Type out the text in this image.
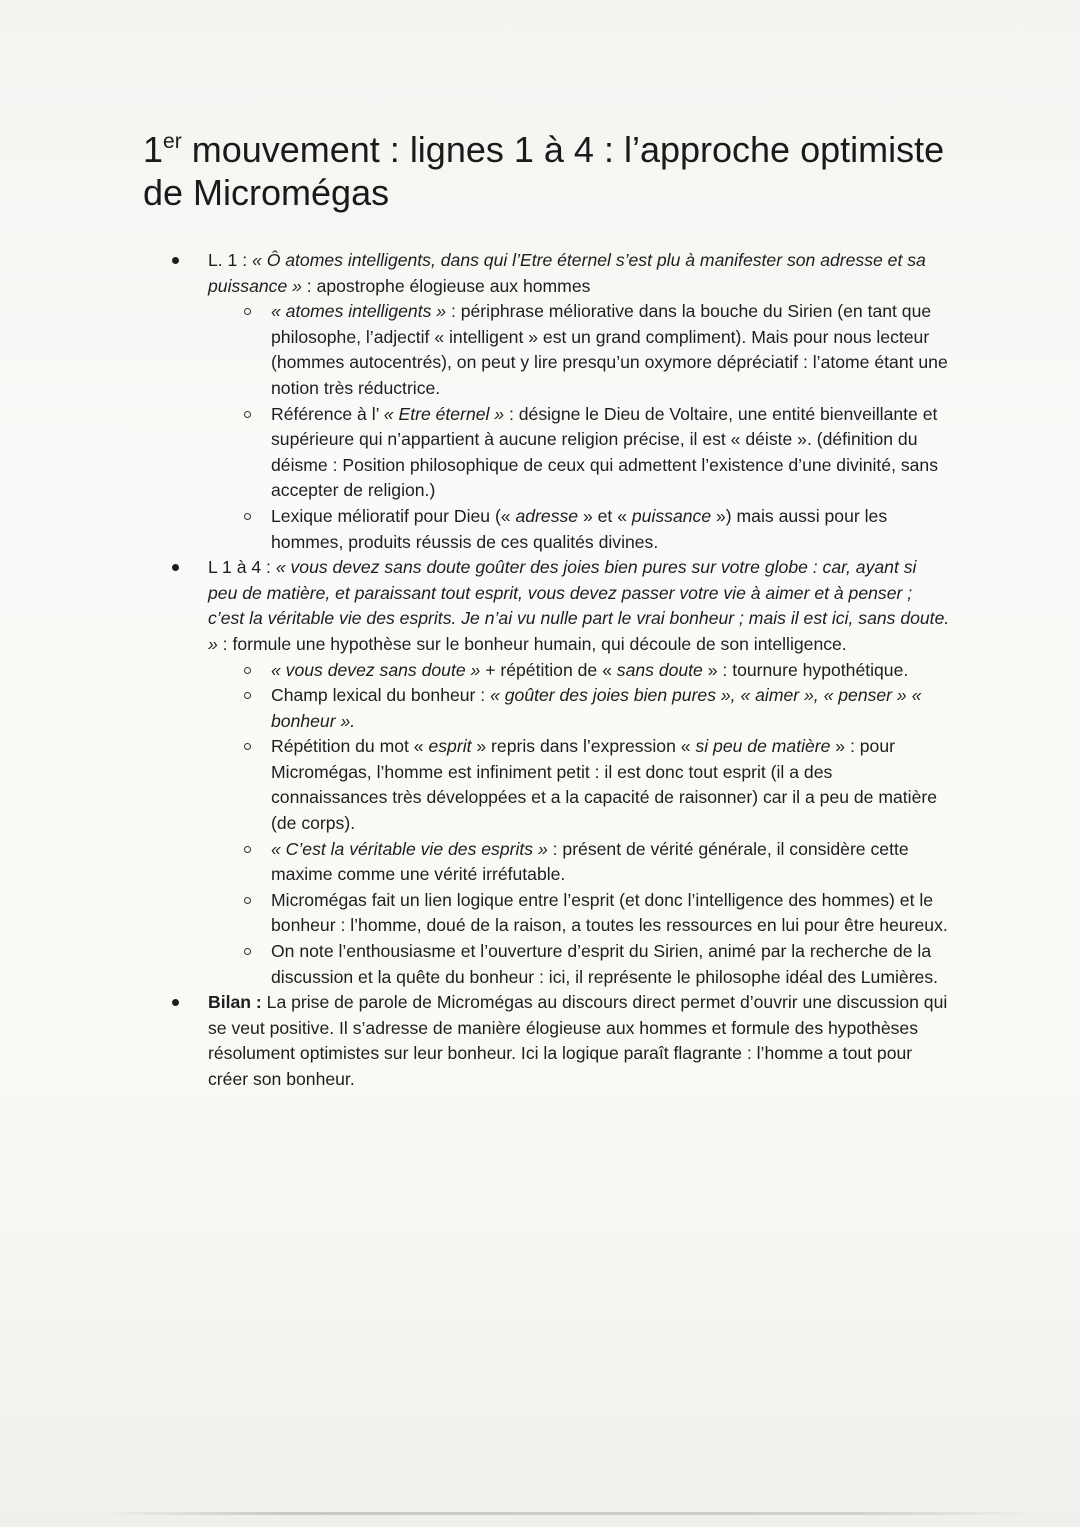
1er mouvement : lignes 1 à 4 : l’approche optimiste de Micromégas
L. 1 : « Ô atomes intelligents, dans qui l’Etre éternel s’est plu à manifester son adresse et sa puissance » : apostrophe élogieuse aux hommes
« atomes intelligents » : périphrase méliorative dans la bouche du Sirien (en tant que philosophe, l’adjectif « intelligent » est un grand compliment). Mais pour nous lecteur (hommes autocentrés), on peut y lire presqu’un oxymore dépréciatif : l’atome étant une notion très réductrice.
Référence à l’ « Etre éternel » : désigne le Dieu de Voltaire, une entité bienveillante et supérieure qui n’appartient à aucune religion précise, il est « déiste ». (définition du déisme : Position philosophique de ceux qui admettent l’existence d’une divinité, sans accepter de religion.)
Lexique mélioratif pour Dieu (« adresse » et « puissance ») mais aussi pour les hommes, produits réussis de ces qualités divines.
L 1 à 4 : « vous devez sans doute goûter des joies bien pures sur votre globe : car, ayant si peu de matière, et paraissant tout esprit, vous devez passer votre vie à aimer et à penser ; c’est la véritable vie des esprits. Je n’ai vu nulle part le vrai bonheur ; mais il est ici, sans doute. » : formule une hypothèse sur le bonheur humain, qui découle de son intelligence.
« vous devez sans doute » + répétition de « sans doute » : tournure hypothétique.
Champ lexical du bonheur : « goûter des joies bien pures », « aimer », « penser » « bonheur ».
Répétition du mot « esprit » repris dans l’expression « si peu de matière » : pour Micromégas, l’homme est infiniment petit : il est donc tout esprit (il a des connaissances très développées et a la capacité de raisonner) car il a peu de matière (de corps).
« C’est la véritable vie des esprits » : présent de vérité générale, il considère cette maxime comme une vérité irréfutable.
Micromégas fait un lien logique entre l’esprit (et donc l’intelligence des hommes) et le bonheur : l’homme, doué de la raison, a toutes les ressources en lui pour être heureux.
On note l’enthousiasme et l’ouverture d’esprit du Sirien, animé par la recherche de la discussion et la quête du bonheur : ici, il représente le philosophe idéal des Lumières.
Bilan : La prise de parole de Micromégas au discours direct permet d’ouvrir une discussion qui se veut positive. Il s’adresse de manière élogieuse aux hommes et formule des hypothèses résolument optimistes sur leur bonheur. Ici la logique paraît flagrante : l’homme a tout pour créer son bonheur.
